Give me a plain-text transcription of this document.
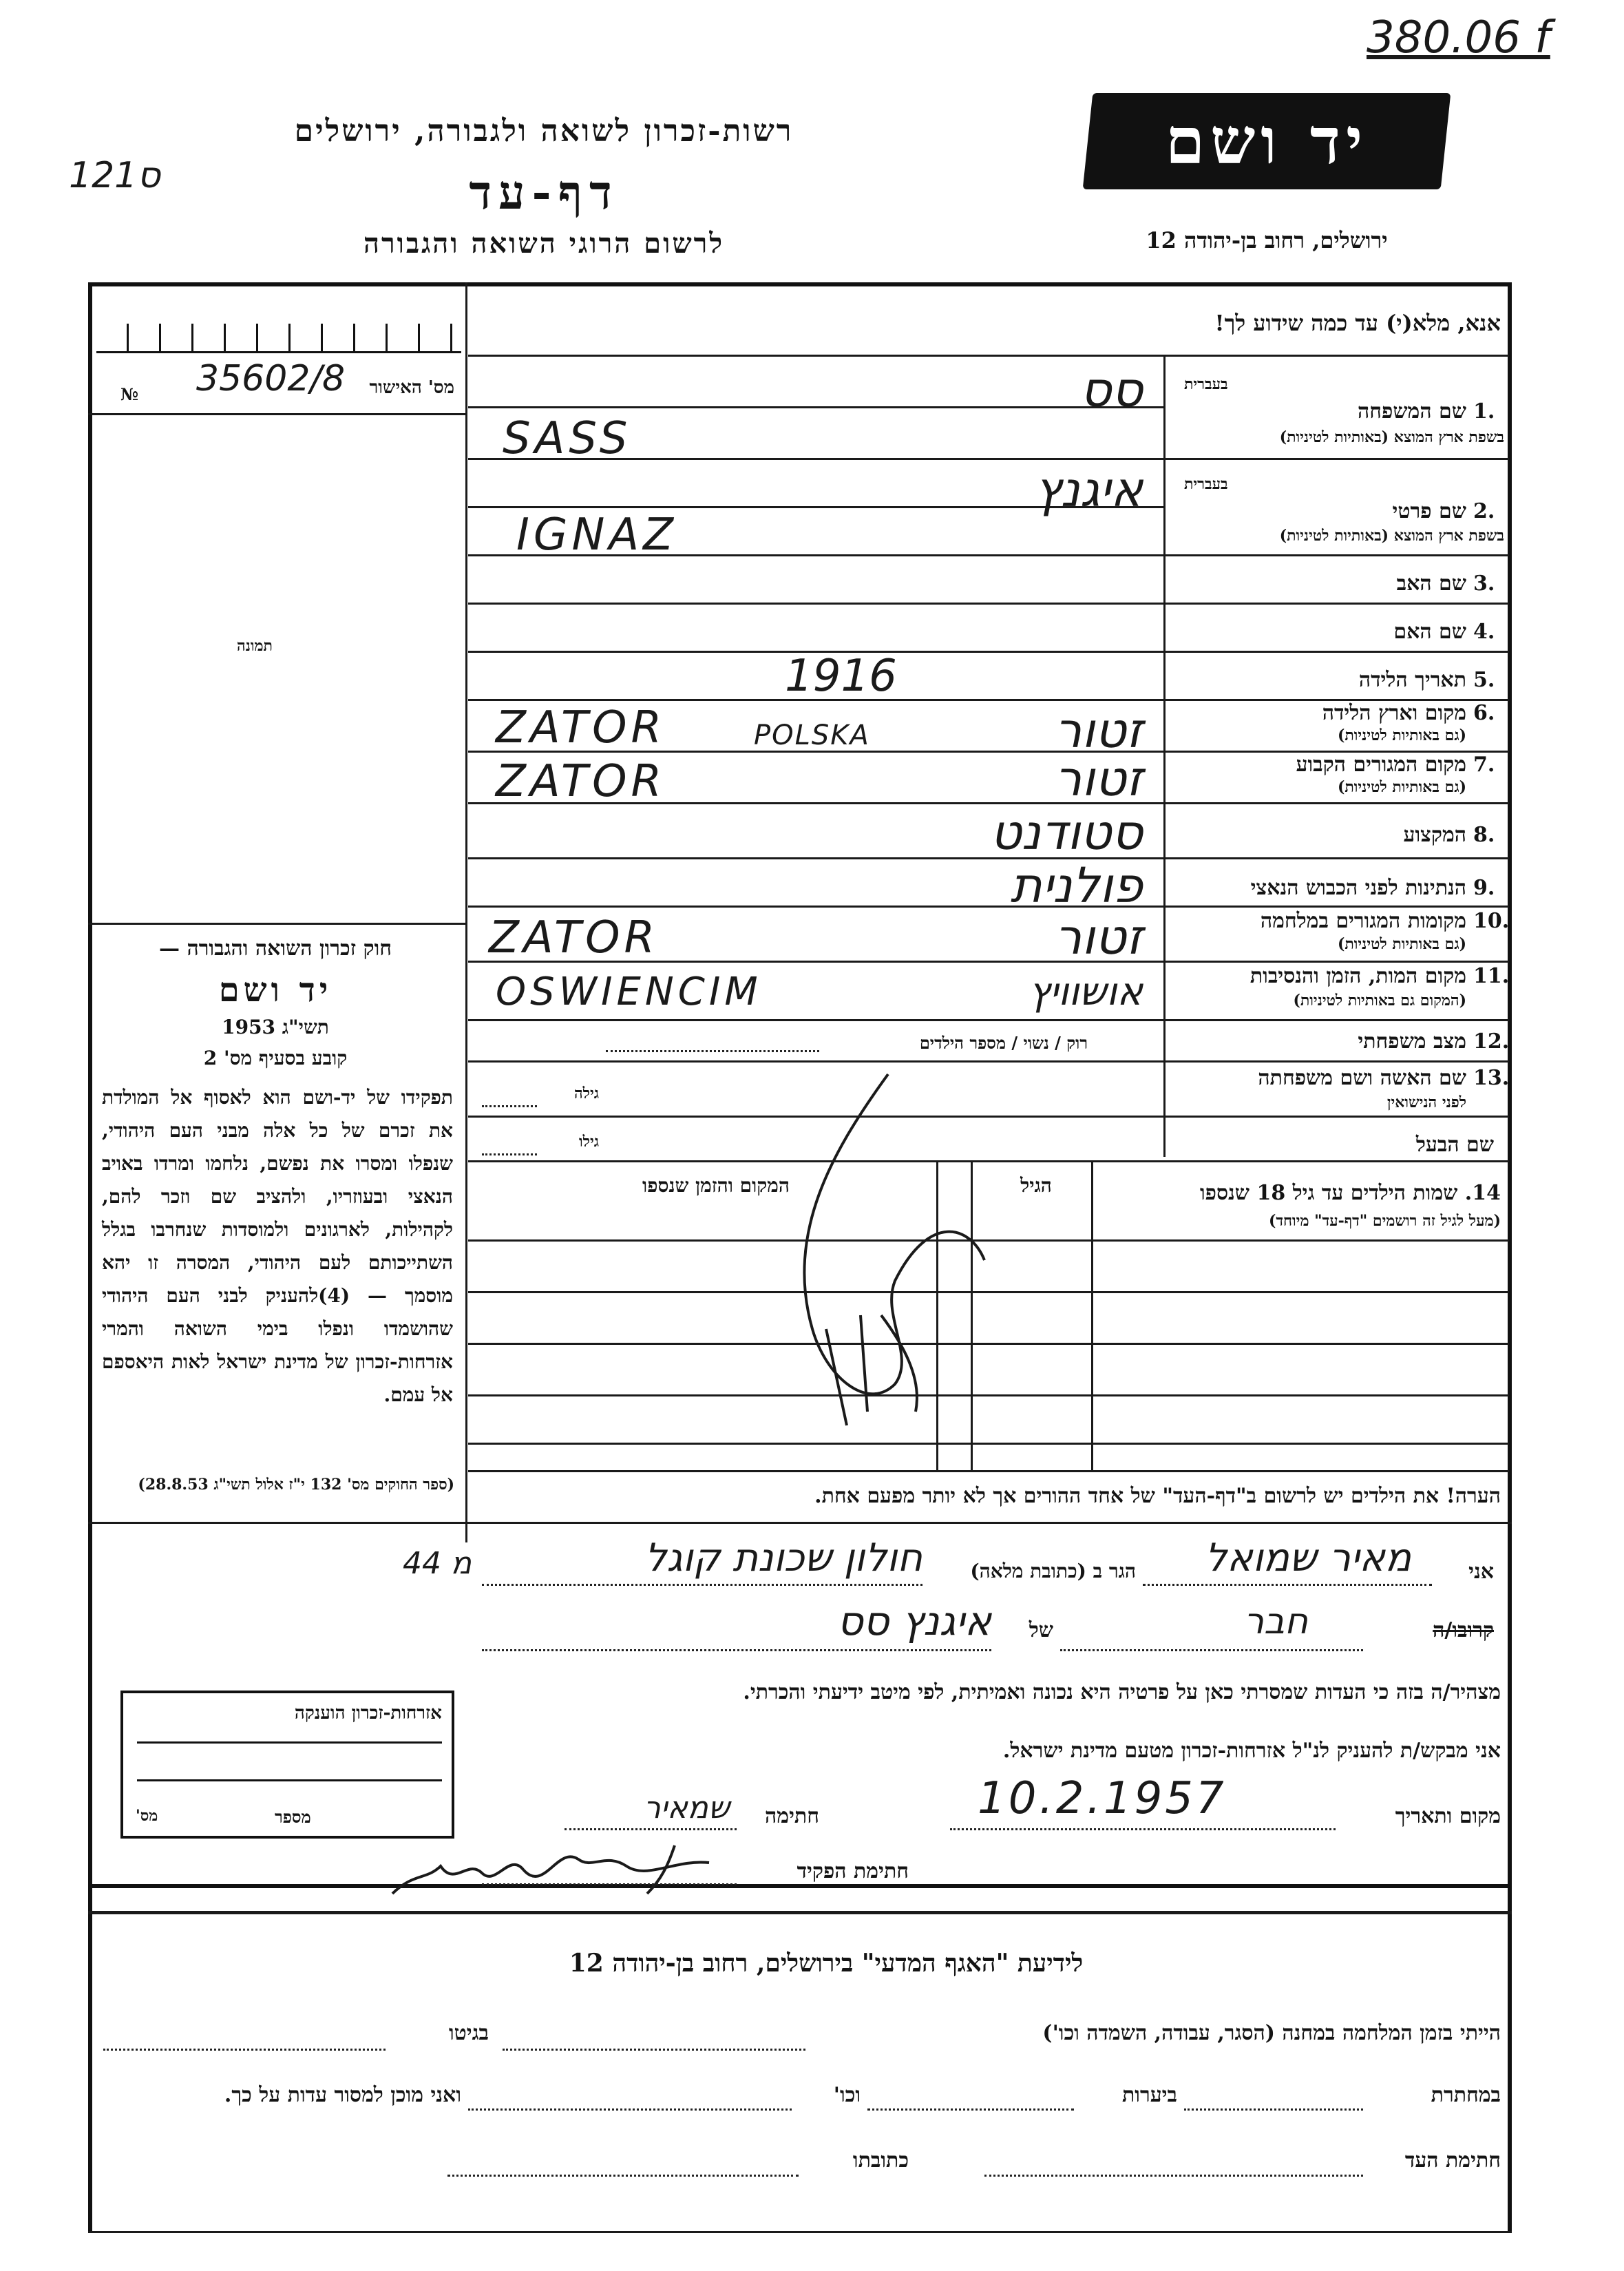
380.06 f
121ס
רשות-זכרון לשואה ולגבורה, ירושלים
דף-עד
לרשום הרוגי השואה והגבורה
יד ושם
ירושלים, רחוב בן-יהודה 12
אנא, מלא(י) עד כמה שידוע לך!
מס' האישור
35602/8
№
תמונה
חוק זכרון השואה והגבורה —
יד ושם
תשי"ג 1953
קובע בסעיף מס' 2
תפקידו של יד-ושם הוא לאסוף אל המולדת את זכרם של כל אלה מבני העם היהודי, שנפלו ומסרו את נפשם, נלחמו ומרדו באויב הנאצי ובעוזריו, ולהציב שם וזכר להם, לקהילות, לארגונים ולמוסדות שנחרבו בגלל השתייכותם לעם היהודי, המסרה זו יהא מוסמך — (4)להעניק לבני העם היהודי שהושמדו ונפלו בימי השואה והמרי אזרחות-זכרון של מדינת ישראל לאות היאספם אל עמם.
(ספר החוקים מס' 132 י"ז אלול תשי"ג 28.8.53)
בעברית
1.
שם המשפחה
בשפת ארץ המוצא (באותיות לטיניות)
סס
SASS
בעברית
2.
שם פרטי
בשפת ארץ המוצא (באותיות לטיניות)
איגנץ
IGNAZ
3.
שם האב
4.
שם האם
5.
תאריך הלידה
1916
6.
מקום וארץ הלידה
(גם באותיות לטיניות)
ZATOR	POLSKA	זטור
7.
מקום המגורים הקבוע
(גם באותיות לטיניות)
ZATOR	זטור
8.
המקצוע
סטודנט
9.
הנתינות לפני הכבוש הנאצי
פולנית
10.
מקומות המגורים במלחמה
(גם באותיות לטיניות)
ZATOR	זטור
11.
מקום המות, הזמן והנסיבות
(המקום גם באותיות לטיניות)
OSWIENCIM	אושוויץ
12.
מצב משפחתי
רוק / נשוי / מספר הילדים
13.
שם האשה ושם משפחתה
לפני הנישואין
גילה
שם הבעל
גילו
14. שמות הילדים עד גיל 18 שנספו
(מעל לגיל זה רושמים "דף-עד" מיוחד)
הגיל
המקום והזמן שנספו
הערה! את הילדים יש לרשום ב"דף-העד" של אחד ההורים אך לא יותר מפעם אחת.
אני
מאיר שמואל
הגר ב (כתובת מלאה)
חולון שכונת קוגל
44 מ
קרובו/ה
חבר
של
איגנץ סס
מצהיר/ה בזה כי העדות שמסרתי כאן על פרטיה היא נכונה ואמיתית, לפי מיטב ידיעתי והכרתי.
אני מבקש/ת להעניק לנ"ל אזרחות-זכרון מטעם מדינת ישראל.
מקום ותאריך
10.2.1957
חתימה
שמאיר
חתימת הפקיד
אזרחות-זכרון הוענקה
מספר
מס'
לידיעת "האגף המדעי" בירושלים, רחוב בן-יהודה 12
הייתי בזמן המלחמה במחנה (הסגר, עבודה, השמדה וכו')
בגיטו
במחתרת
ביערות
וכו'
ואני מוכן למסור עדות על כך.
חתימת העד
כתובתו
